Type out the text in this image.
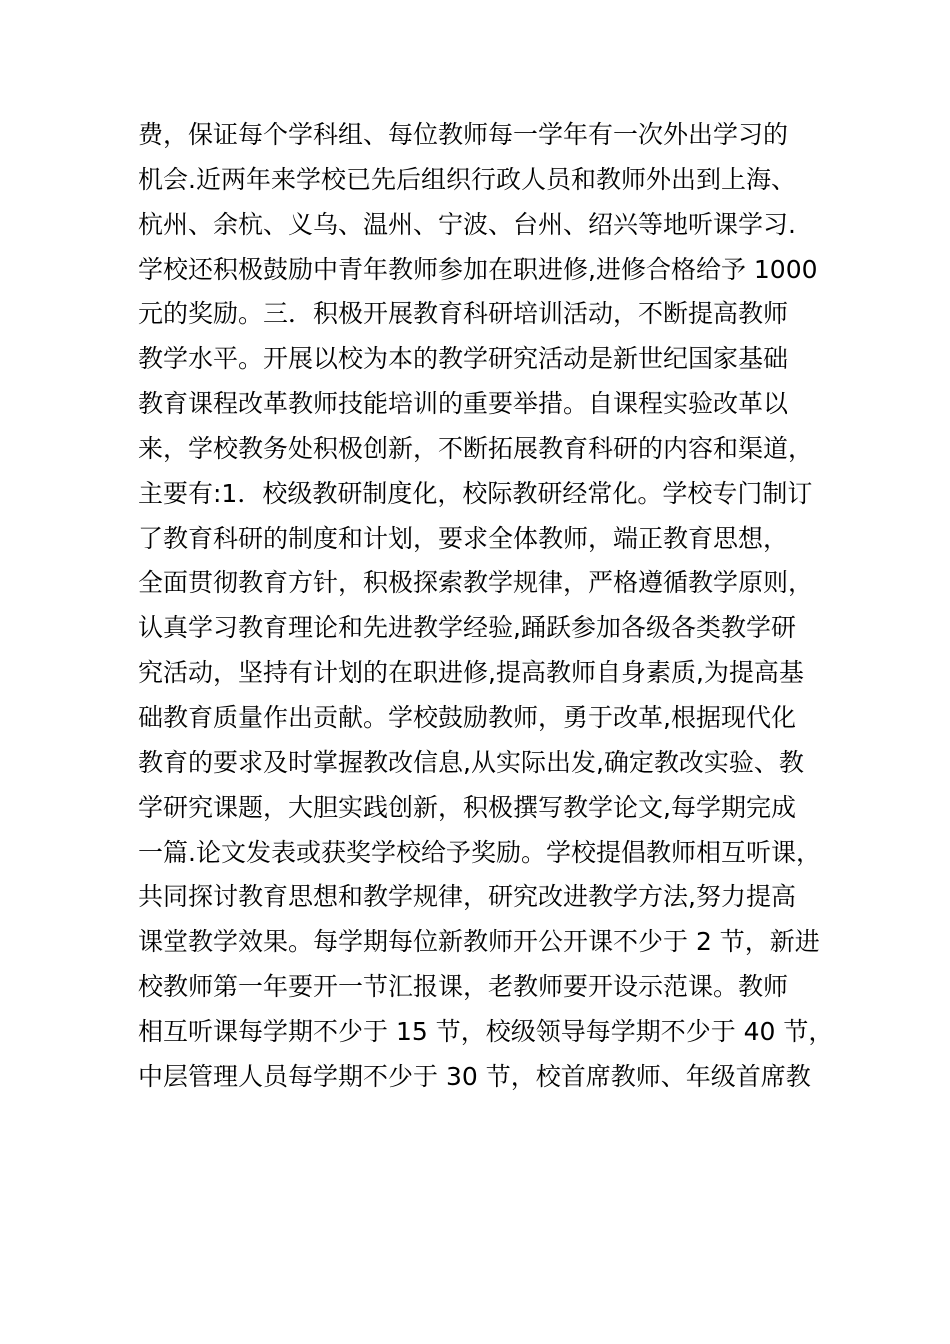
费，保证每个学科组、每位教师每一学年有一次外出学习的
机会.近两年来学校已先后组织行政人员和教师外出到上海、
杭州、余杭、义乌、温州、宁波、台州、绍兴等地听课学习.
学校还积极鼓励中青年教师参加在职进修,进修合格给予 1000
元的奖励。三．积极开展教育科研培训活动，不断提高教师
教学水平。开展以校为本的教学研究活动是新世纪国家基础
教育课程改革教师技能培训的重要举措。自课程实验改革以
来，学校教务处积极创新，不断拓展教育科研的内容和渠道，
主要有:1．校级教研制度化，校际教研经常化。学校专门制订
了教育科研的制度和计划，要求全体教师，端正教育思想，
全面贯彻教育方针，积极探索教学规律，严格遵循教学原则，
认真学习教育理论和先进教学经验,踊跃参加各级各类教学研
究活动，坚持有计划的在职进修,提高教师自身素质,为提高基
础教育质量作出贡献。学校鼓励教师，勇于改革,根据现代化
教育的要求及时掌握教改信息,从实际出发,确定教改实验、教
学研究课题，大胆实践创新，积极撰写教学论文,每学期完成
一篇.论文发表或获奖学校给予奖励。学校提倡教师相互听课，
共同探讨教育思想和教学规律，研究改进教学方法,努力提高
课堂教学效果。每学期每位新教师开公开课不少于 2 节，新进
校教师第一年要开一节汇报课，老教师要开设示范课。教师
相互听课每学期不少于 15 节，校级领导每学期不少于 40 节，
中层管理人员每学期不少于 30 节，校首席教师、年级首席教
